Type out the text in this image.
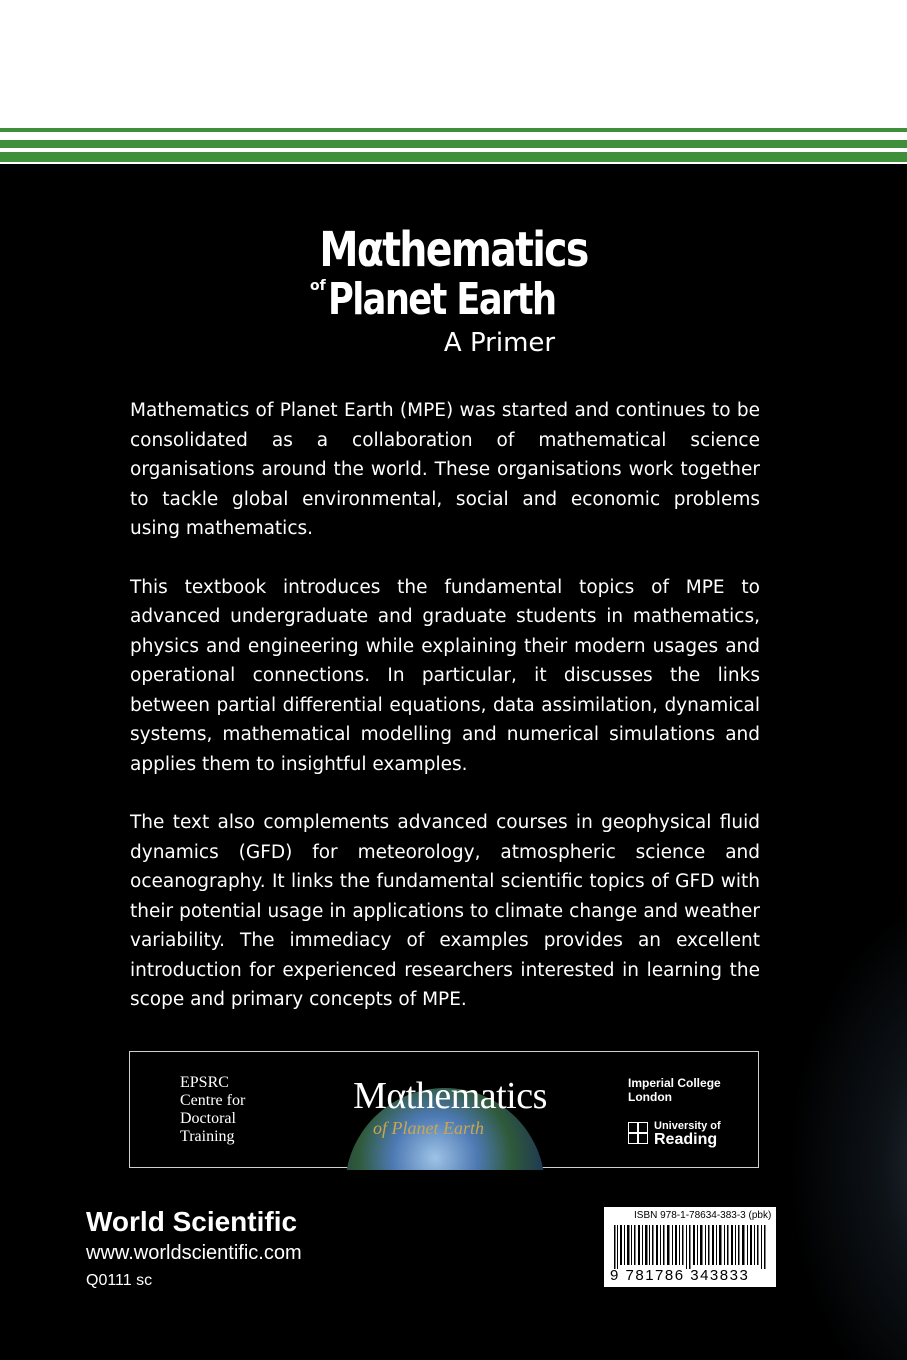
Mαthematics
of Planet Earth
A Primer

Mathematics of Planet Earth (MPE) was started and continues to be consolidated as a collaboration of mathematical science organisations around the world. These organisations work together to tackle global environmental, social and economic problems using mathematics.

This textbook introduces the fundamental topics of MPE to advanced undergraduate and graduate students in mathematics, physics and engineering while explaining their modern usages and operational connections. In particular, it discusses the links between partial differential equations, data assimilation, dynamical systems, mathematical modelling and numerical simulations and applies them to insightful examples.

The text also complements advanced courses in geophysical fluid dynamics (GFD) for meteorology, atmospheric science and oceanography. It links the fundamental scientific topics of GFD with their potential usage in applications to climate change and weather variability. The immediacy of examples provides an excellent introduction for experienced researchers interested in learning the scope and primary concepts of MPE.

EPSRC
Centre for
Doctoral
Training
Mαthematics
of Planet Earth
Imperial College
London
University of
Reading
World Scientific
www.worldscientific.com
Q0111 sc
ISBN 978-1-78634-383-3 (pbk)
9 781786 343833
